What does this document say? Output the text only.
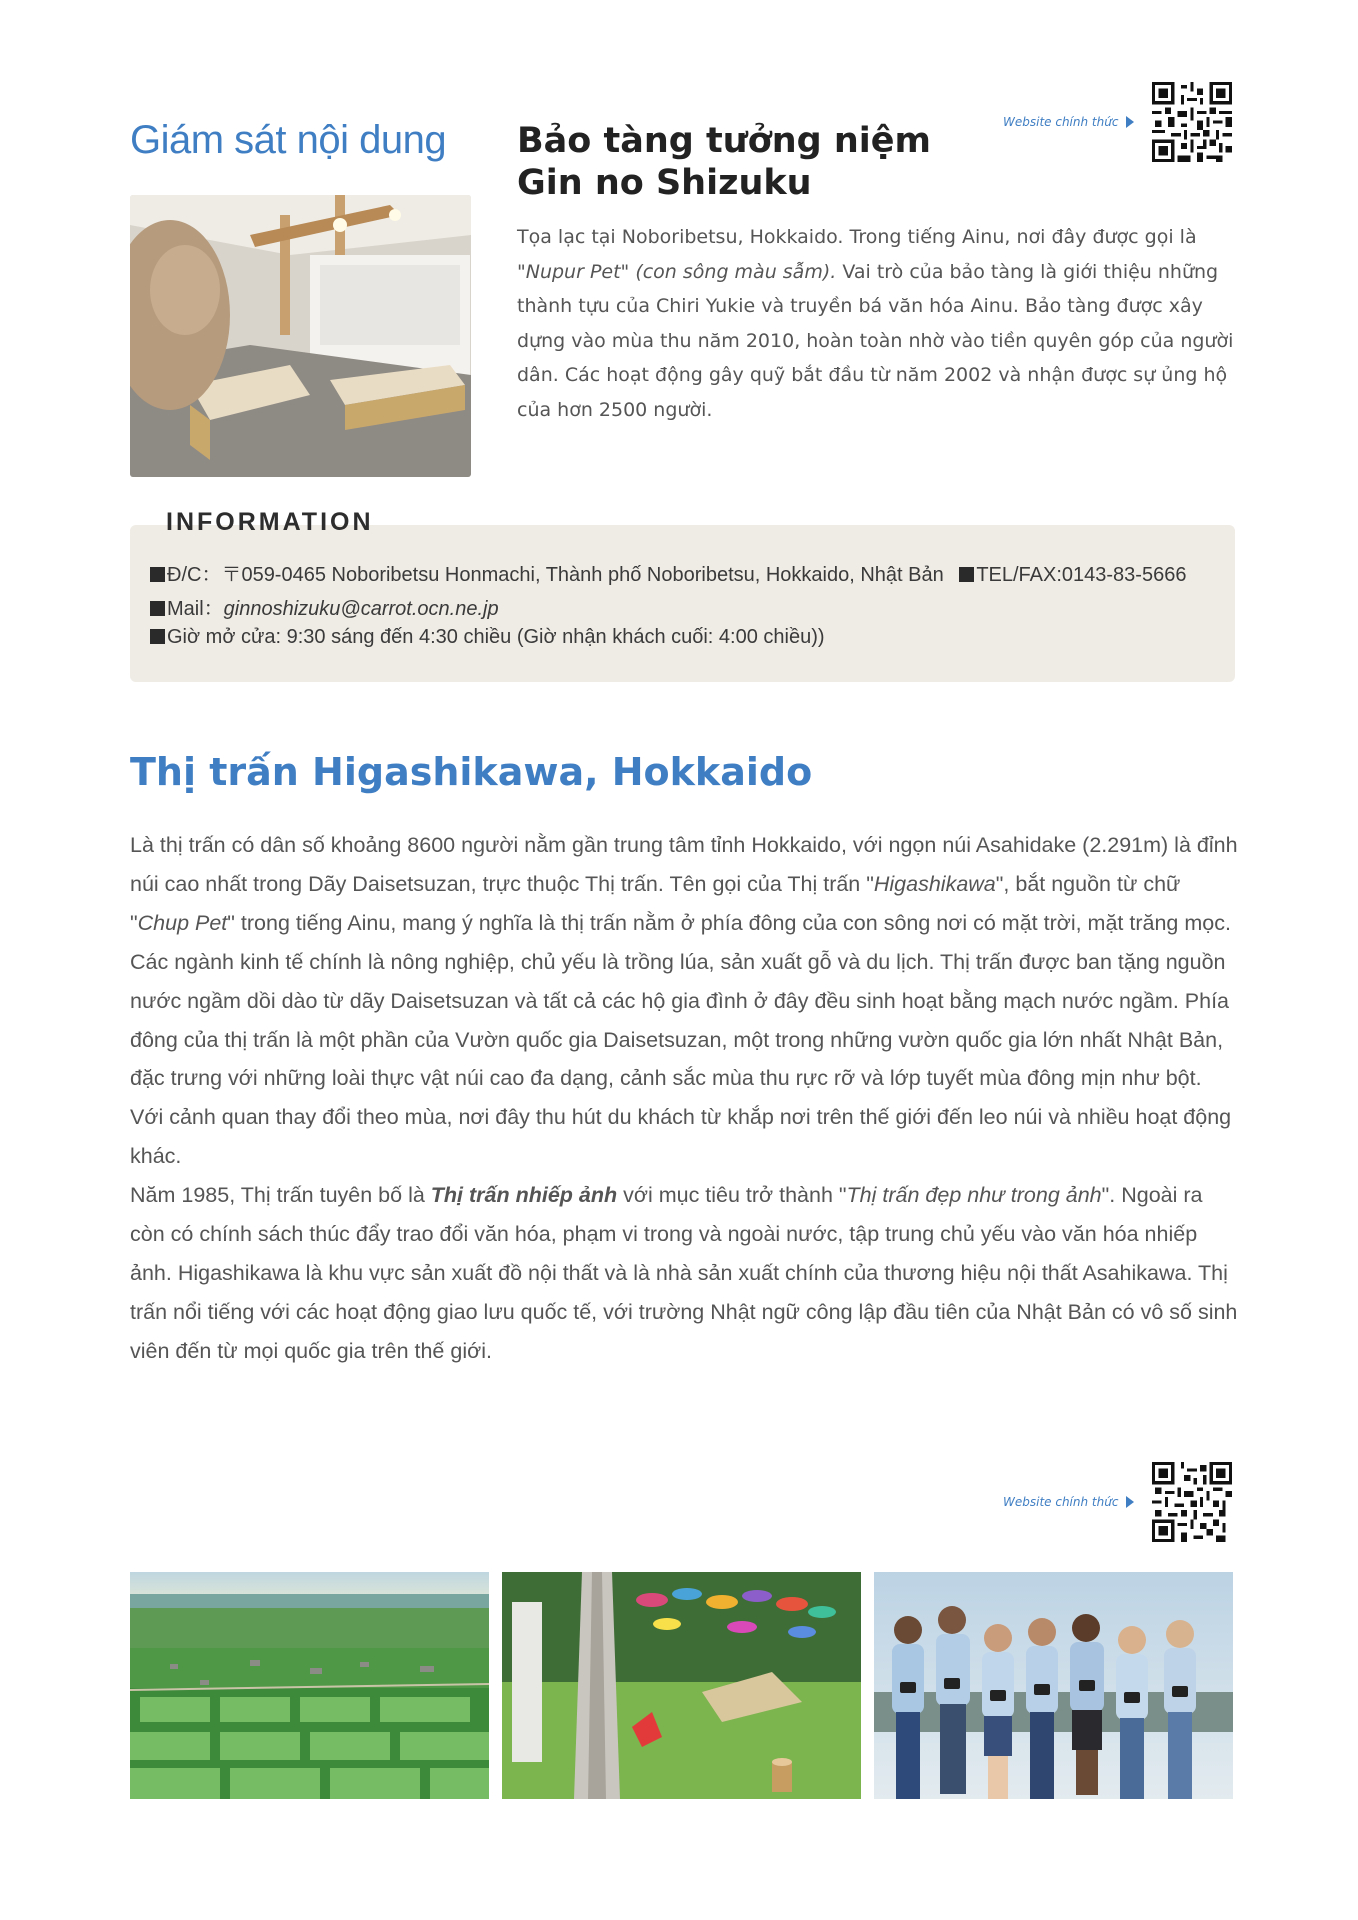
Giám sát nội dung Bảo tàng tưởng niệm
Gin no Shizuku
Website chính thức
Tọa lạc tại Noboribetsu, Hokkaido. Trong tiếng Ainu, nơi đây được gọi là "Nupur Pet" (con sông màu sẫm). Vai trò của bảo tàng là giới thiệu những thành tựu của Chiri Yukie và truyền bá văn hóa Ainu. Bảo tàng được xây dựng vào mùa thu năm 2010, hoàn toàn nhờ vào tiền quyên góp của người dân. Các hoạt động gây quỹ bắt đầu từ năm 2002 và nhận được sự ủng hộ của hơn 2500 người.
Đ/C：〒059-0465 Noboribetsu Honmachi, Thành phố Noboribetsu, Hokkaido, Nhật Bản TEL/FAX:0143-83-5666
Mail：ginnoshizuku@carrot.ocn.ne.jp
Giờ mở cửa: 9:30 sáng đến 4:30 chiều (Giờ nhận khách cuối: 4:00 chiều))
INFORMATION
Thị trấn Higashikawa, Hokkaido

Là thị trấn có dân số khoảng 8600 người nằm gần trung tâm tỉnh Hokkaido, với ngọn núi Asahidake (2.291m) là đỉnh núi cao nhất trong Dãy Daisetsuzan, trực thuộc Thị trấn. Tên gọi của Thị trấn "Higashikawa", bắt nguồn từ chữ "Chup Pet" trong tiếng Ainu, mang ý nghĩa là thị trấn nằm ở phía đông của con sông nơi có mặt trời, mặt trăng mọc.

Các ngành kinh tế chính là nông nghiệp, chủ yếu là trồng lúa, sản xuất gỗ và du lịch. Thị trấn được ban tặng nguồn nước ngầm dồi dào từ dãy Daisetsuzan và tất cả các hộ gia đình ở đây đều sinh hoạt bằng mạch nước ngầm. Phía đông của thị trấn là một phần của Vườn quốc gia Daisetsuzan, một trong những vườn quốc gia lớn nhất Nhật Bản, đặc trưng với những loài thực vật núi cao đa dạng, cảnh sắc mùa thu rực rỡ và lớp tuyết mùa đông mịn như bột. Với cảnh quan thay đổi theo mùa, nơi đây thu hút du khách từ khắp nơi trên thế giới đến leo núi và nhiều hoạt động khác.

Năm 1985, Thị trấn tuyên bố là Thị trấn nhiếp ảnh với mục tiêu trở thành "Thị trấn đẹp như trong ảnh". Ngoài ra còn có chính sách thúc đẩy trao đổi văn hóa, phạm vi trong và ngoài nước, tập trung chủ yếu vào văn hóa nhiếp ảnh. Higashikawa là khu vực sản xuất đồ nội thất và là nhà sản xuất chính của thương hiệu nội thất Asahikawa. Thị trấn nổi tiếng với các hoạt động giao lưu quốc tế, với trường Nhật ngữ công lập đầu tiên của Nhật Bản có vô số sinh viên đến từ mọi quốc gia trên thế giới.

Website chính thức
